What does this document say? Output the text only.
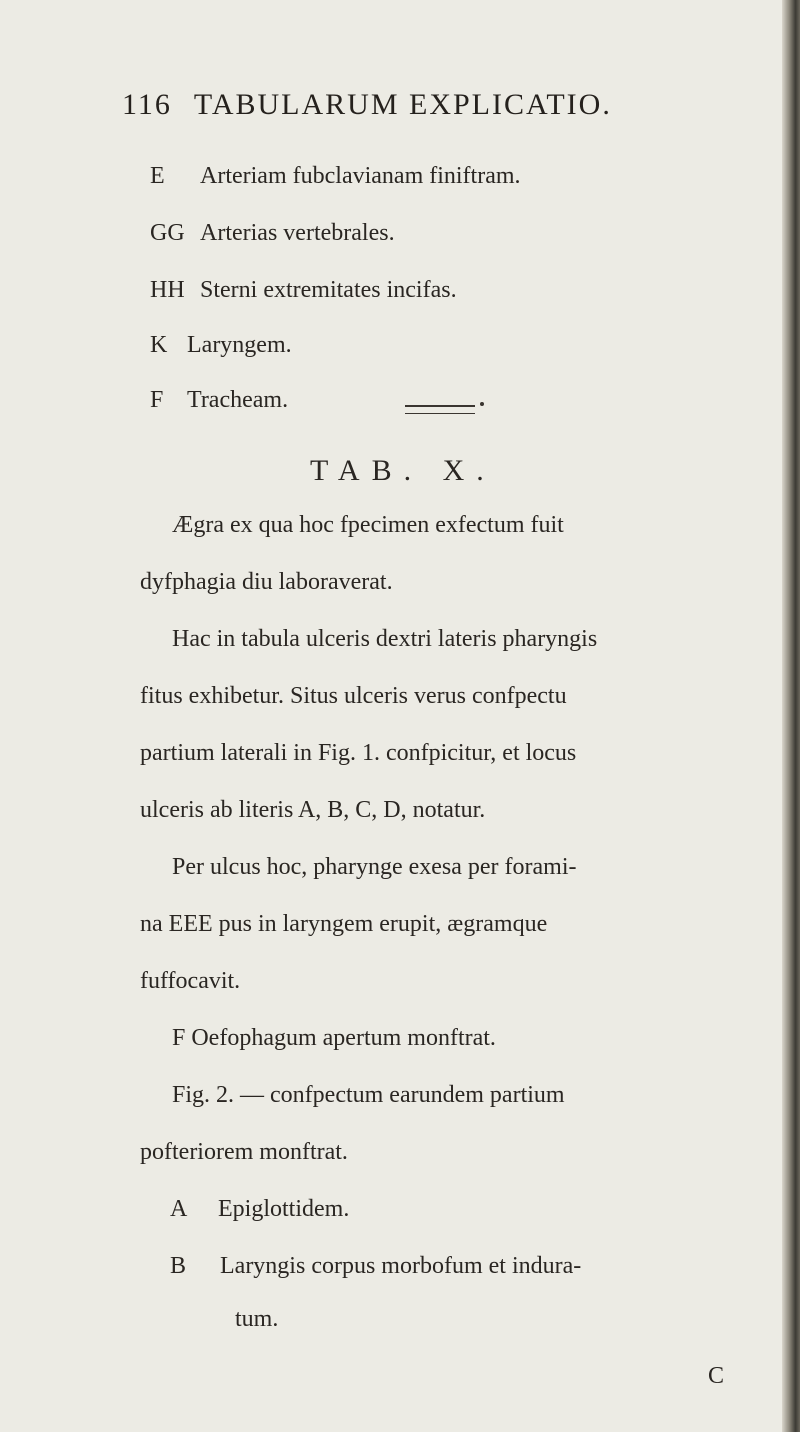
116 TABULARUM EXPLICATIO.
E Arteriam fubclavianam finiftram.
GG Arterias vertebrales.
HH Sterni extremitates incifas.
K Laryngem.
F Tracheam.
TAB. X.
Ægra ex qua hoc fpecimen exfectum fuit
dyfphagia diu laboraverat.
Hac in tabula ulceris dextri lateris pharyngis
fitus exhibetur. Situs ulceris verus confpectu
partium laterali in Fig. 1. confpicitur, et locus
ulceris ab literis A, B, C, D, notatur.
Per ulcus hoc, pharynge exesa per forami-
na EEE pus in laryngem erupit, ægramque
fuffocavit.
F Oefophagum apertum monftrat.
Fig. 2. — confpectum earundem partium
pofteriorem monftrat.
A Epiglottidem.
B Laryngis corpus morbofum et indura-
tum.
C
